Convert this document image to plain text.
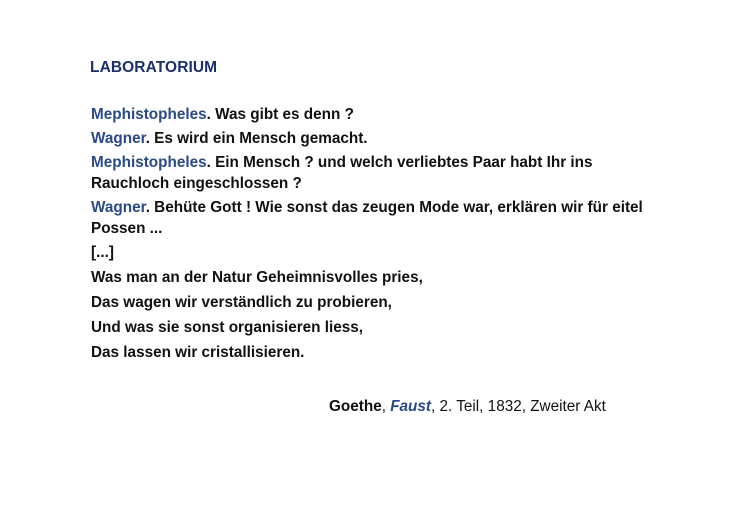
LABORATORIUM
Mephistopheles. Was gibt es denn ?
Wagner. Es wird ein Mensch gemacht.
Mephistopheles. Ein Mensch ? und welch verliebtes Paar habt Ihr ins Rauchloch eingeschlossen ?
Wagner. Behüte Gott ! Wie sonst das zeugen Mode war, erklären wir für eitel Possen ...
[...]
Was man an der Natur Geheimnisvolles pries,
Das wagen wir verständlich zu probieren,
Und was sie sonst organisieren liess,
Das lassen wir cristallisieren.
Goethe, Faust, 2. Teil, 1832, Zweiter Akt
